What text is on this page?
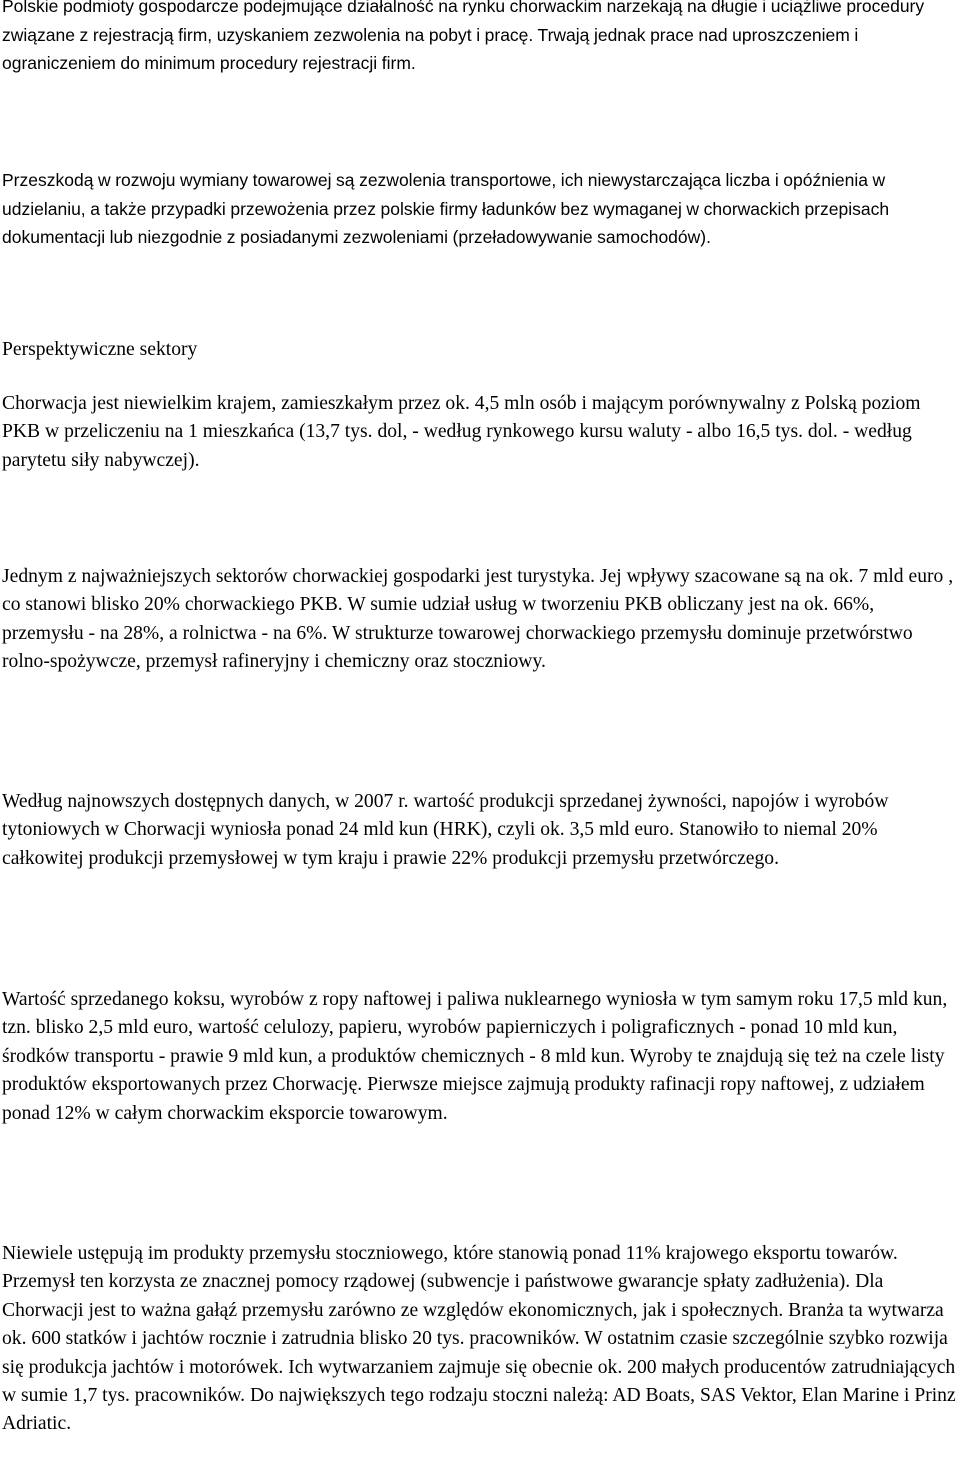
Polskie podmioty gospodarcze podejmujące działalność na rynku chorwackim narzekają na długie i uciążliwe procedury związane z rejestracją firm, uzyskaniem zezwolenia na pobyt i pracę. Trwają jednak prace nad uproszczeniem i ograniczeniem do minimum procedury rejestracji firm.

Przeszkodą w rozwoju wymiany towarowej są zezwolenia transportowe, ich niewystarczająca liczba i opóźnienia w udzielaniu, a także przypadki przewożenia przez polskie firmy ładunków bez wymaganej w chorwackich przepisach dokumentacji lub niezgodnie z posiadanymi zezwoleniami (przeładowywanie samochodów).

Perspektywiczne sektory

Chorwacja jest niewielkim krajem, zamieszkałym przez ok. 4,5 mln osób i mającym porównywalny z Polską poziom PKB w przeliczeniu na 1 mieszkańca (13,7 tys. dol, - według rynkowego kursu waluty - albo 16,5 tys. dol. - według parytetu siły nabywczej).

Jednym z najważniejszych sektorów chorwackiej gospodarki jest turystyka. Jej wpływy szacowane są na ok. 7 mld euro , co stanowi blisko 20% chorwackiego PKB. W sumie udział usług w tworzeniu PKB obliczany jest na ok. 66%, przemysłu - na 28%, a rolnictwa - na 6%. W strukturze towarowej chorwackiego przemysłu dominuje przetwórstwo rolno-spożywcze, przemysł rafineryjny i chemiczny oraz stoczniowy.

Według najnowszych dostępnych danych, w 2007 r. wartość produkcji sprzedanej żywności, napojów i wyrobów tytoniowych w Chorwacji wyniosła ponad 24 mld kun (HRK), czyli ok. 3,5 mld euro. Stanowiło to niemal 20% całkowitej produkcji przemysłowej w tym kraju i prawie 22% produkcji przemysłu przetwórczego.

Wartość sprzedanego koksu, wyrobów z ropy naftowej i paliwa nuklearnego wyniosła w tym samym roku 17,5 mld kun, tzn. blisko 2,5 mld euro, wartość celulozy, papieru, wyrobów papierniczych i poligraficznych - ponad 10 mld kun, środków transportu - prawie 9 mld kun, a produktów chemicznych - 8 mld kun. Wyroby te znajdują się też na czele listy produktów eksportowanych przez Chorwację. Pierwsze miejsce zajmują produkty rafinacji ropy naftowej, z udziałem ponad 12% w całym chorwackim eksporcie towarowym.

Niewiele ustępują im produkty przemysłu stoczniowego, które stanowią ponad 11% krajowego eksportu towarów. Przemysł ten korzysta ze znacznej pomocy rządowej (subwencje i państwowe gwarancje spłaty zadłużenia). Dla Chorwacji jest to ważna gałąź przemysłu zarówno ze względów ekonomicznych, jak i społecznych. Branża ta wytwarza ok. 600 statków i jachtów rocznie i zatrudnia blisko 20 tys. pracowników. W ostatnim czasie szczególnie szybko rozwija się produkcja jachtów i motorówek. Ich wytwarzaniem zajmuje się obecnie ok. 200 małych producentów zatrudniających w sumie 1,7 tys. pracowników. Do największych tego rodzaju stoczni należą: AD Boats, SAS Vektor, Elan Marine i Prinz Adriatic.
